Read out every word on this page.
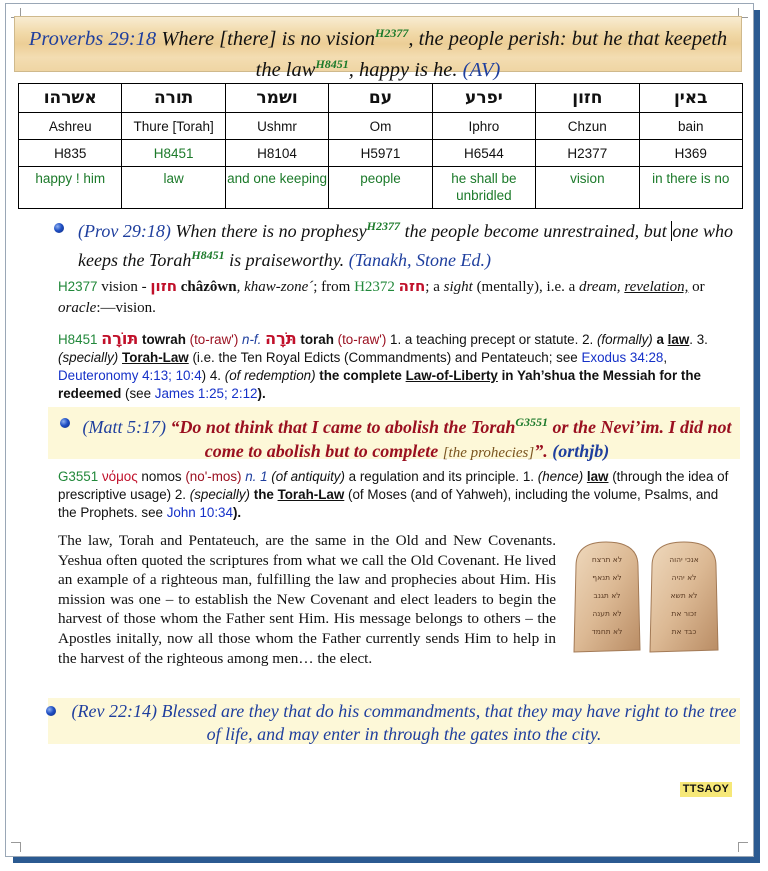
Proverbs 29:18 Where [there] is no vision$^{H2377}$, the people perish: but he that keepeth the law$^{H8451}$, happy is he. (AV)
אשרהו	תורה	ושמר	עם	יפרע	חזון	באין
Ashreu	Thure [Torah]	Ushmr	Om	Iphro	Chzun	bain
H835	H8451	H8104	H5971	H6544	H2377	H369
happy ! him	law	and one keeping	people	he shall be unbridled	vision	in there is no
(Prov 29:18) When there is no prophesy$^{H2377}$ the people become unrestrained, but one who keeps the Torah$^{H8451}$ is praiseworthy. (Tanakh, Stone Ed.)
H2377 vision - חזון châzôwn, khaw-zone´; from H2372 חזה; a sight (mentally), i.e. a dream, revelation, or oracle:—vision.
H8451 תּוֹרָה towrah (to-raw') n-f. תֹּרָה torah (to-raw') 1. a teaching precept or statute. 2. (formally) a law. 3. (specially) Torah-Law (i.e. the Ten Royal Edicts (Commandments) and Pentateuch; see Exodus 34:28, Deuteronomy 4:13; 10:4) 4. (of redemption) the complete Law-of-Liberty in Yah’shua the Messiah for the redeemed (see James 1:25; 2:12).
(Matt 5:17) “Do not think that I came to abolish the Torah$^{G3551}$ or the Nevi’im. I did not come to abolish but to complete [the prohecies]”. (orthjb)
G3551 νόμος nomos (no'-mos) n. 1 (of antiquity) a regulation and its principle. 1. (hence) law (through the idea of prescriptive usage) 2. (specially) the Torah-Law (of Moses (and of Yahweh), including the volume, Psalms, and the Prophets. see John 10:34).
The law, Torah and Pentateuch, are the same in the Old and New Covenants. Yeshua often quoted the scriptures from what we call the Old Covenant. He lived an example of a righteous man, fulfilling the law and prophecies about Him. His mission was one – to establish the New Covenant and elect leaders to begin the harvest of those whom the Father sent Him. His message belongs to others – the Apostles initally, now all those whom the Father currently sends Him to help in the harvest of the righteous among men… the elect.
לא תרצח
לא תנאף
לא תגנב
לא תענה
לא תחמד
אנכי יהוה
לא יהיה
לא תשא
זכור את
כבד את
(Rev 22:14) Blessed are they that do his commandments, that they may have right to the tree of life, and may enter in through the gates into the city.
TTSAOY
